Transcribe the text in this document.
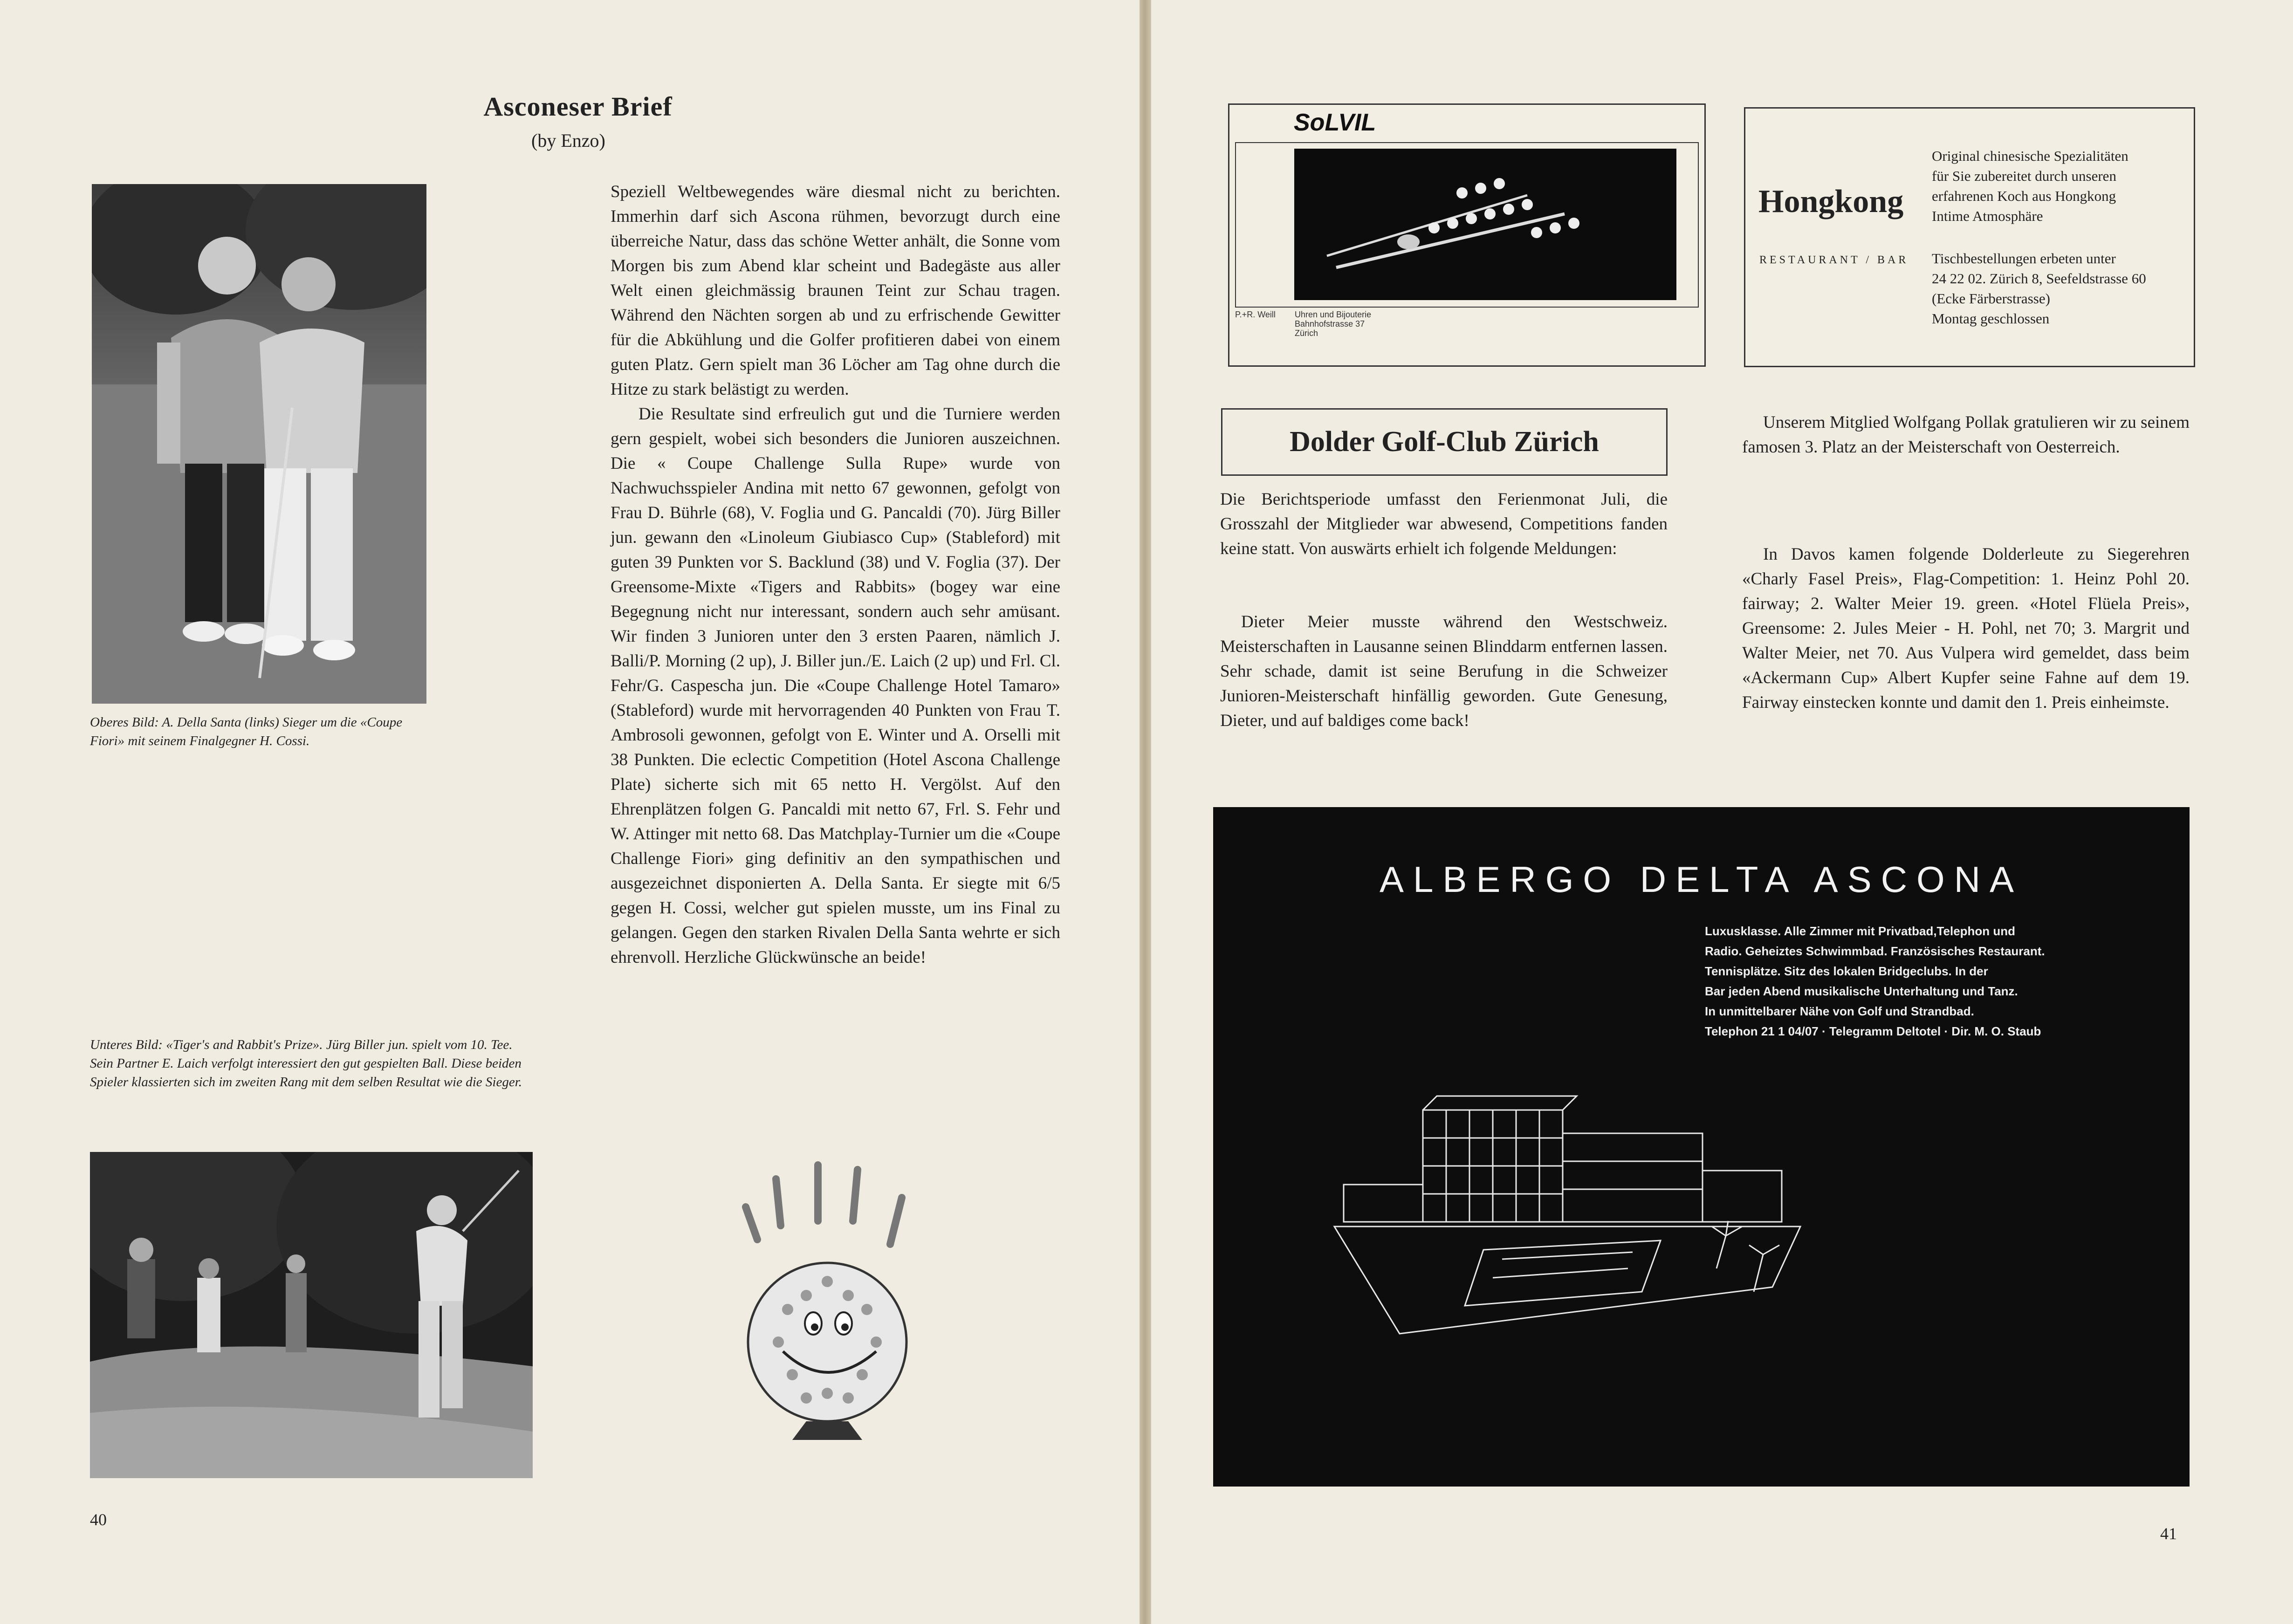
Asconeser Brief
(by Enzo)
Oberes Bild: A. Della Santa (links) Sieger um die «Coupe Fiori» mit seinem Finalgegner H. Cossi.
Unteres Bild: «Tiger's and Rabbit's Prize». Jürg Biller jun. spielt vom 10. Tee. Sein Partner E. Laich verfolgt interessiert den gut gespielten Ball. Diese beiden Spieler klassierten sich im zweiten Rang mit dem selben Resultat wie die Sieger.

Speziell Weltbewegendes wäre diesmal nicht zu berichten. Immerhin darf sich Ascona rühmen, bevorzugt durch eine überreiche Natur, dass das schöne Wetter anhält, die Sonne vom Morgen bis zum Abend klar scheint und Badegäste aus aller Welt einen gleichmässig braunen Teint zur Schau tragen. Während den Nächten sorgen ab und zu erfrischende Gewitter für die Abkühlung und die Golfer profitieren dabei von einem guten Platz. Gern spielt man 36 Löcher am Tag ohne durch die Hitze zu stark belästigt zu werden.

Die Resultate sind erfreulich gut und die Turniere werden gern gespielt, wobei sich besonders die Junioren auszeichnen. Die « Coupe Challenge Sulla Rupe» wurde von Nachwuchsspieler Andina mit netto 67 gewonnen, gefolgt von Frau D. Bührle (68), V. Foglia und G. Pancaldi (70). Jürg Biller jun. gewann den «Linoleum Giubiasco Cup» (Stableford) mit guten 39 Punkten vor S. Backlund (38) und V. Foglia (37). Der Greensome-Mixte «Tigers and Rabbits» (bogey war eine Begegnung nicht nur interessant, sondern auch sehr amüsant. Wir finden 3 Junioren unter den 3 ersten Paaren, nämlich J. Balli/P. Morning (2 up), J. Biller jun./E. Laich (2 up) und Frl. Cl. Fehr/G. Caspescha jun. Die «Coupe Challenge Hotel Tamaro» (Stableford) wurde mit hervorragenden 40 Punkten von Frau T. Ambrosoli gewonnen, gefolgt von E. Winter und A. Orselli mit 38 Punkten. Die eclectic Competition (Hotel Ascona Challenge Plate) sicherte sich mit 65 netto H. Vergölst. Auf den Ehrenplätzen folgen G. Pancaldi mit netto 67, Frl. S. Fehr und W. Attinger mit netto 68. Das Matchplay-Turnier um die «Coupe Challenge Fiori» ging definitiv an den sympathischen und ausgezeichnet disponierten A. Della Santa. Er siegte mit 6/5 gegen H. Cossi, welcher gut spielen musste, um ins Final zu gelangen. Gegen den starken Rivalen Della Santa wehrte er sich ehrenvoll. Herzliche Glückwünsche an beide!

40
SoLVIL
P.+R. Weill Uhren und Bijouterie
Bahnhofstrasse 37
Zürich
Hongkong
RESTAURANT / BAR
Original chinesische Spezialitäten
für Sie zubereitet durch unseren
erfahrenen Koch aus Hongkong
Intime Atmosphäre
Tischbestellungen erbeten unter
24 22 02. Zürich 8, Seefeldstrasse 60
(Ecke Färberstrasse)
Montag geschlossen
Dolder Golf-Club Zürich
Die Berichtsperiode umfasst den Ferienmonat Juli, die Grosszahl der Mitglieder war abwesend, Competitions fanden keine statt. Von auswärts erhielt ich folgende Meldungen:
Dieter Meier musste während den Westschweiz. Meisterschaften in Lausanne seinen Blinddarm entfernen lassen. Sehr schade, damit ist seine Berufung in die Schweizer Junioren-Meisterschaft hinfällig geworden. Gute Genesung, Dieter, und auf baldiges come back!
Unserem Mitglied Wolfgang Pollak gratulieren wir zu seinem famosen 3. Platz an der Meisterschaft von Oesterreich.
In Davos kamen folgende Dolderleute zu Siegerehren «Charly Fasel Preis», Flag-Competition: 1. Heinz Pohl 20. fairway; 2. Walter Meier 19. green. «Hotel Flüela Preis», Greensome: 2. Jules Meier - H. Pohl, net 70; 3. Margrit und Walter Meier, net 70. Aus Vulpera wird gemeldet, dass beim «Ackermann Cup» Albert Kupfer seine Fahne auf dem 19. Fairway einstecken konnte und damit den 1. Preis einheimste.
ALBERGO DELTA ASCONA
Luxusklasse. Alle Zimmer mit Privatbad,Telephon und
Radio. Geheiztes Schwimmbad. Französisches Restaurant.
Tennisplätze. Sitz des lokalen Bridgeclubs. In der
Bar jeden Abend musikalische Unterhaltung und Tanz.
In unmittelbarer Nähe von Golf und Strandbad.
Telephon 21 1 04/07 · Telegramm Deltotel · Dir. M. O. Staub
41
